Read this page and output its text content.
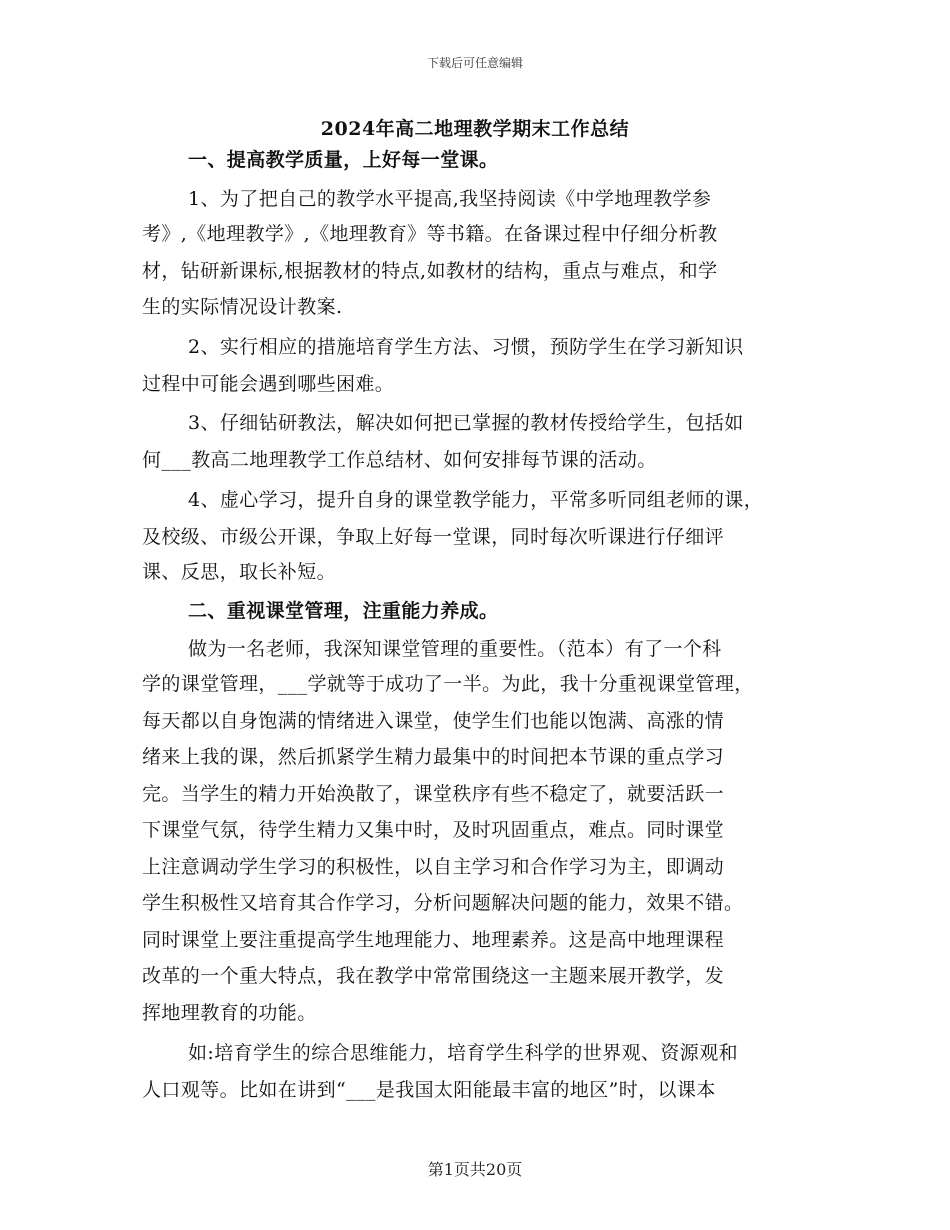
下载后可任意编辑
2024年高二地理教学期末工作总结
一、提高教学质量，上好每一堂课。
1、为了把自己的教学水平提高,我坚持阅读《中学地理教学参
考》,《地理教学》,《地理教育》等书籍。在备课过程中仔细分析教
材，钻研新课标,根据教材的特点,如教材的结构，重点与难点，和学
生的实际情况设计教案.
2、实行相应的措施培育学生方法、习惯，预防学生在学习新知识
过程中可能会遇到哪些困难。
3、仔细钻研教法，解决如何把已掌握的教材传授给学生，包括如
何___教高二地理教学工作总结材、如何安排每节课的活动。
4、虚心学习，提升自身的课堂教学能力，平常多听同组老师的课，
及校级、市级公开课，争取上好每一堂课，同时每次听课进行仔细评
课、反思，取长补短。
二、重视课堂管理，注重能力养成。
做为一名老师，我深知课堂管理的重要性。（范本）有了一个科
学的课堂管理，___学就等于成功了一半。为此，我十分重视课堂管理，
每天都以自身饱满的情绪进入课堂，使学生们也能以饱满、高涨的情
绪来上我的课，然后抓紧学生精力最集中的时间把本节课的重点学习
完。当学生的精力开始涣散了，课堂秩序有些不稳定了，就要活跃一
下课堂气氛，待学生精力又集中时，及时巩固重点，难点。同时课堂
上注意调动学生学习的积极性，以自主学习和合作学习为主，即调动
学生积极性又培育其合作学习，分析问题解决问题的能力，效果不错。
同时课堂上要注重提高学生地理能力、地理素养。这是高中地理课程
改革的一个重大特点，我在教学中常常围绕这一主题来展开教学，发
挥地理教育的功能。
如:培育学生的综合思维能力，培育学生科学的世界观、资源观和
人口观等。比如在讲到“___是我国太阳能最丰富的地区”时，以课本
第1页共20页
